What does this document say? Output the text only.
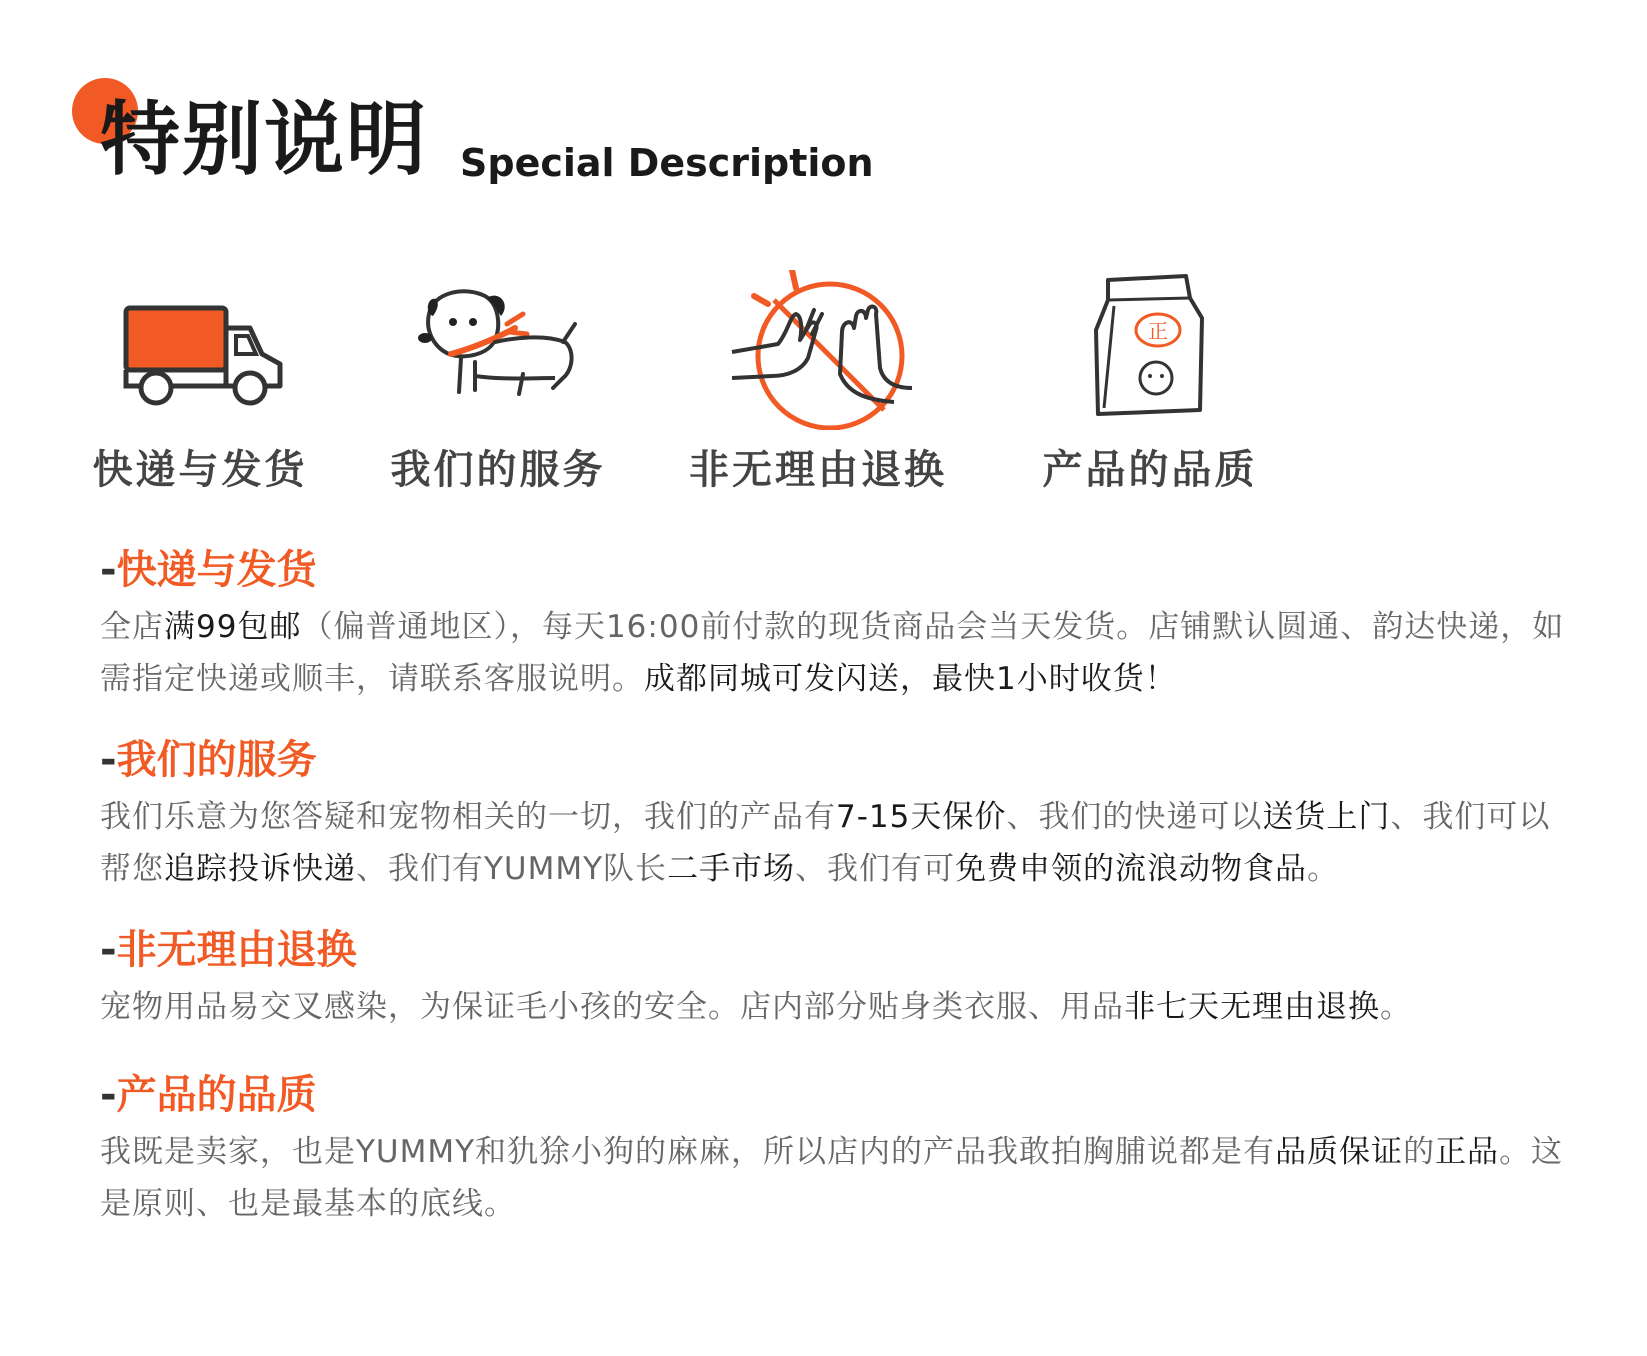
特别说明 Special Description
快递与发货	我们的服务	非无理由退换
正
产品的品质
-快递与发货
全店满99包邮（偏普通地区），每天16:00前付款的现货商品会当天发货。店铺默认圆通、韵达快递，如需指定快递或顺丰，请联系客服说明。成都同城可发闪送，最快1小时收货！
-我们的服务
我们乐意为您答疑和宠物相关的一切，我们的产品有7-15天保价、我们的快递可以送货上门、我们可以帮您追踪投诉快递、我们有YUMMY队长二手市场、我们有可免费申领的流浪动物食品。
-非无理由退换
宠物用品易交叉感染，为保证毛小孩的安全。店内部分贴身类衣服、用品非七天无理由退换。
-产品的品质
我既是卖家，也是YUMMY和犰狳小狗的麻麻，所以店内的产品我敢拍胸脯说都是有品质保证的正品。这是原则、也是最基本的底线。
